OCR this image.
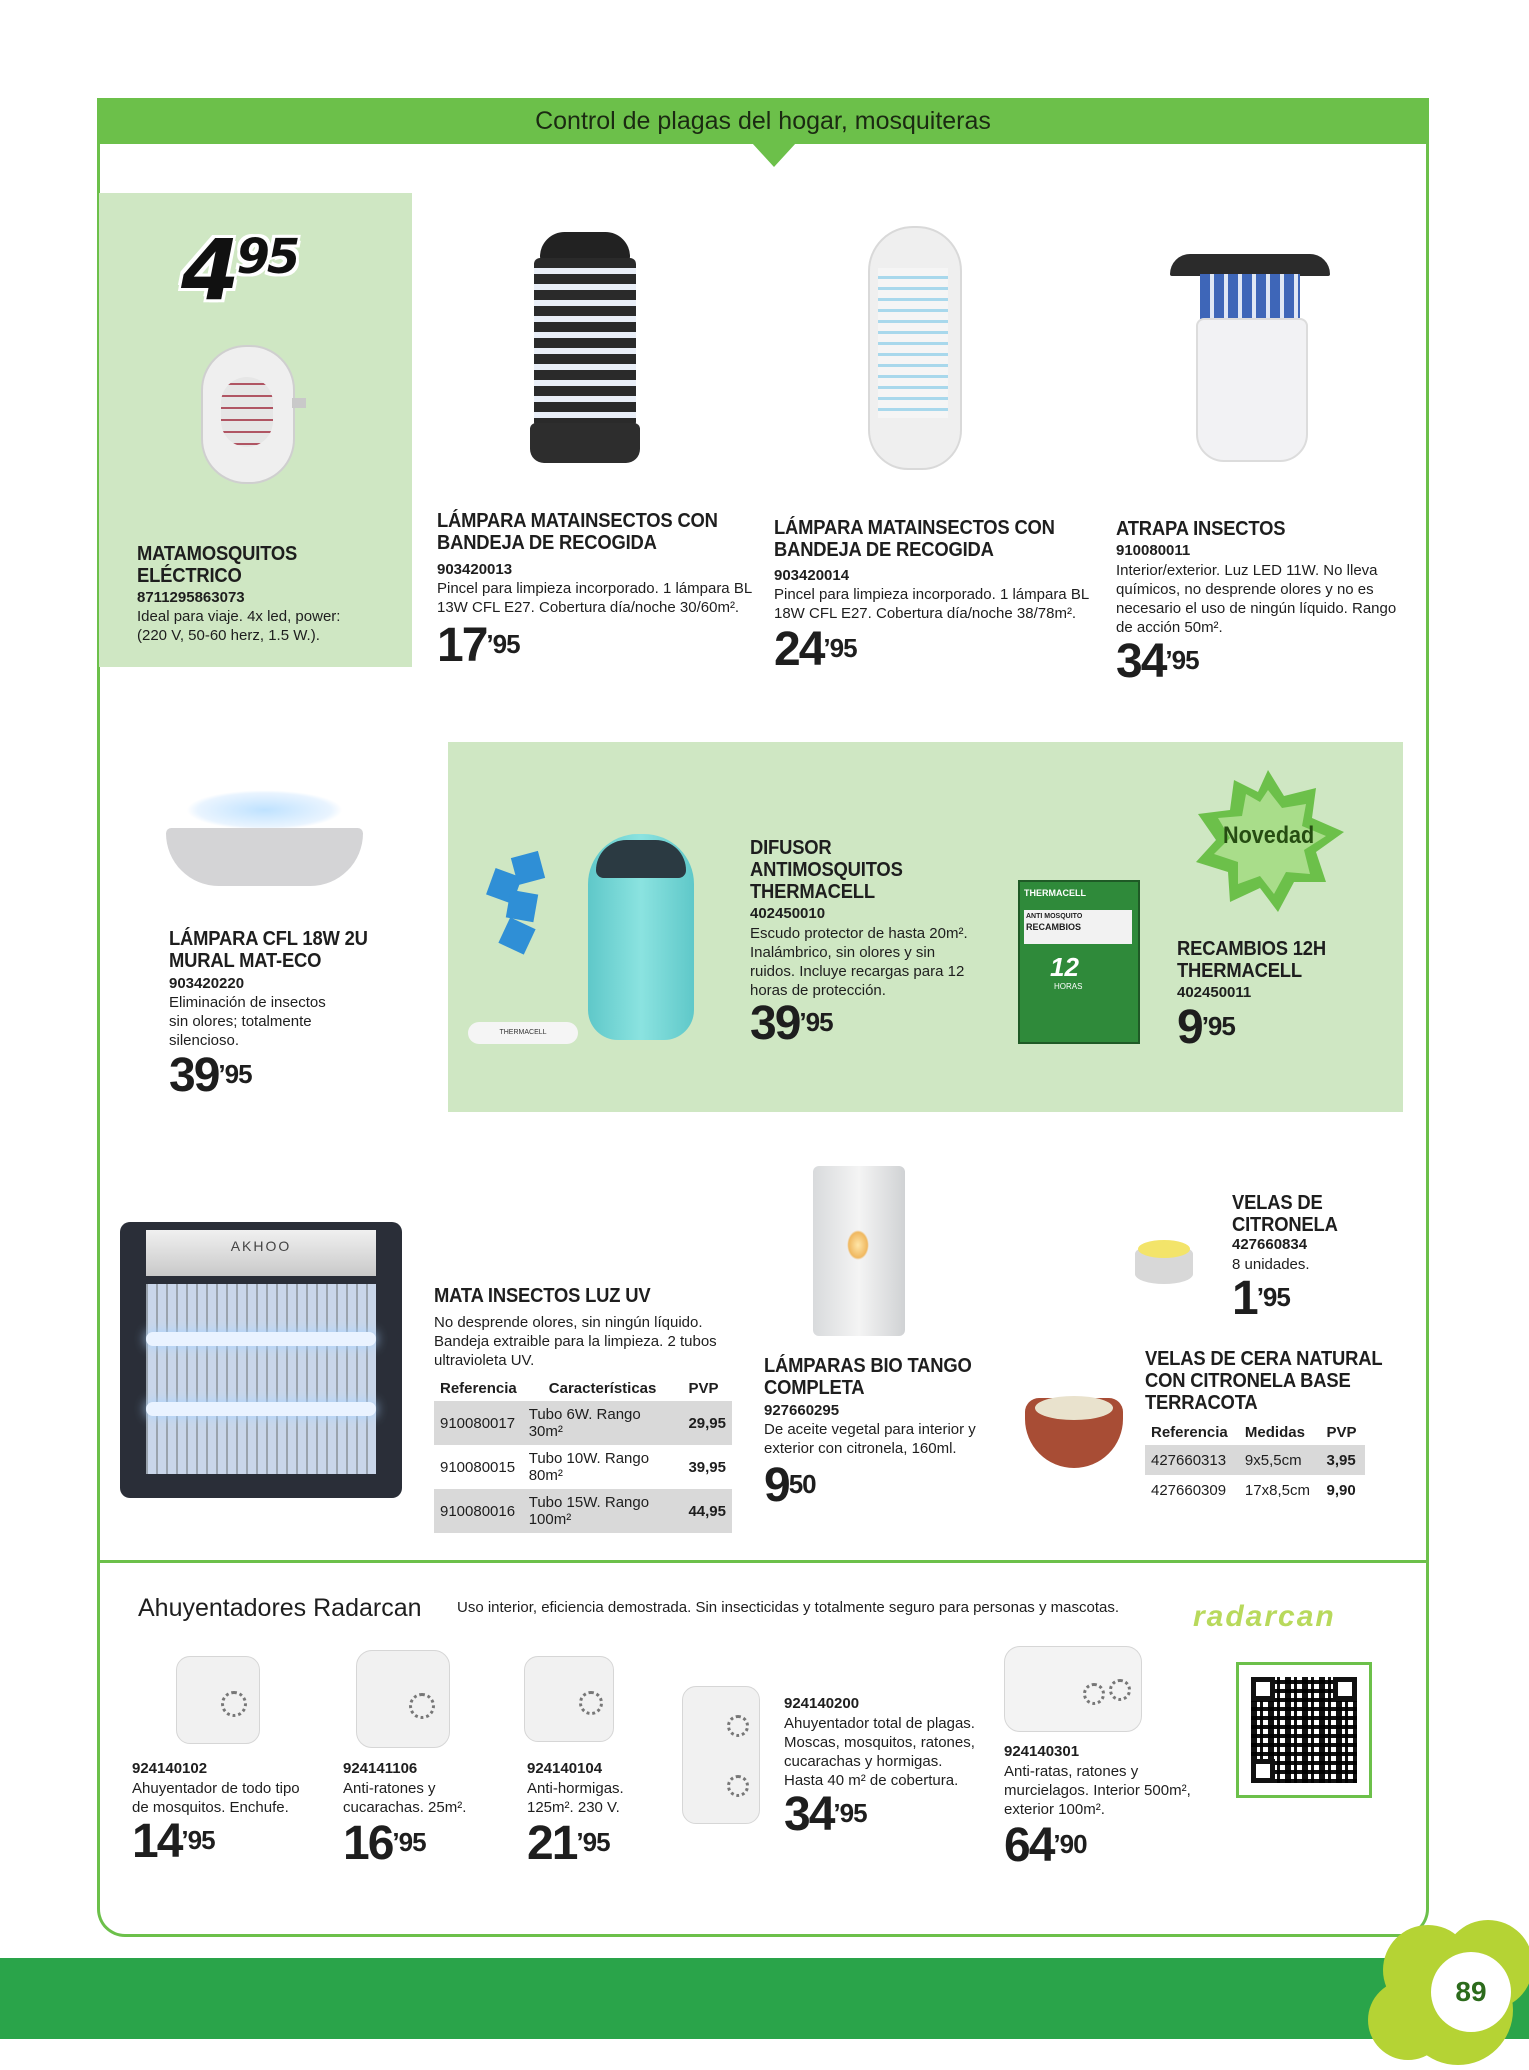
Control de plagas del hogar, mosquiteras
$4^{95}$
MATAMOSQUITOS ELÉCTRICO
8711295863073
Ideal para viaje. 4x led, power: (220 V, 50-60 herz, 1.5 W.).
LÁMPARA MATAINSECTOS CON BANDEJA DE RECOGIDA
903420013
Pincel para limpieza incorporado. 1 lámpara BL 13W CFL E27. Cobertura día/noche 30/60m².
$17^{’95}$
LÁMPARA MATAINSECTOS CON BANDEJA DE RECOGIDA
903420014
Pincel para limpieza incorporado. 1 lámpara BL 18W CFL E27. Cobertura día/noche 38/78m².
$24^{’95}$
ATRAPA INSECTOS
910080011
Interior/exterior. Luz LED 11W. No lleva químicos, no desprende olores y no es necesario el uso de ningún líquido. Rango de acción 50m².
$34^{’95}$
LÁMPARA CFL 18W 2U MURAL MAT-ECO
903420220
Eliminación de insectos sin olores; totalmente silencioso.
$39^{’95}$
THERMACELL
DIFUSOR ANTIMOSQUITOS THERMACELL
402450010
Escudo protector de hasta 20m². Inalámbrico, sin olores y sin ruidos. Incluye recargas para 12 horas de protección.
$39^{’95}$
THERMACELL
ANTI MOSQUITO
RECAMBIOS
12
HORAS
Novedad
RECAMBIOS 12H THERMACELL
402450011
$9^{’95}$
AKHOO
MATA INSECTOS LUZ UV
No desprende olores, sin ningún líquido. Bandeja extraible para la limpieza. 2 tubos ultravioleta UV.
Referencia	Características	PVP
910080017	Tubo 6W. Rango 30m²	29,95
910080015	Tubo 10W. Rango 80m²	39,95
910080016	Tubo 15W. Rango 100m²	44,95
LÁMPARAS BIO TANGO COMPLETA
927660295
De aceite vegetal para interior y exterior con citronela, 160ml.
$9^{50}$
VELAS DE CITRONELA
427660834
8 unidades.
$1^{’95}$
VELAS DE CERA NATURAL CON CITRONELA BASE TERRACOTA
Referencia	Medidas	PVP
427660313	9x5,5cm	3,95
427660309	17x8,5cm	9,90
Ahuyentadores Radarcan Uso interior, eficiencia demostrada. Sin insecticidas y totalmente seguro para personas y mascotas. radarcan
924140102
Ahuyentador de todo tipo de mosquitos. Enchufe.
$14^{’95}$
924141106
Anti-ratones y cucarachas. 25m².
$16^{’95}$
924140104
Anti-hormigas. 125m². 230 V.
$21^{’95}$
924140200
Ahuyentador total de plagas. Moscas, mosquitos, ratones, cucarachas y hormigas. Hasta 40 m² de cobertura.
$34^{’95}$
924140301
Anti-ratas, ratones y murcielagos. Interior 500m², exterior 100m².
$64^{’90}$
89
